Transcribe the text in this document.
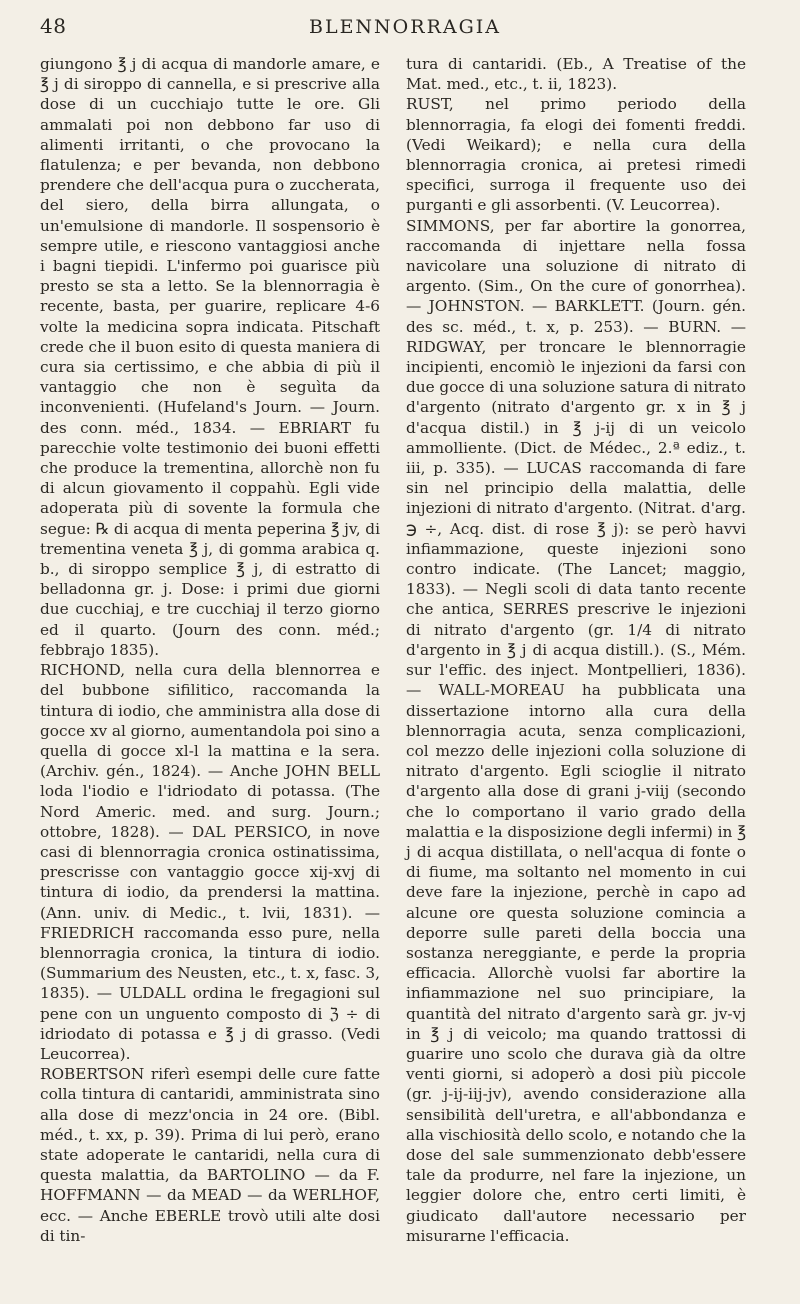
48	BLENNORRAGIA

giungono ℥ j di acqua di mandorle amare, e ℥ j di siroppo di cannella, e si prescrive alla dose di un cucchiajo tutte le ore. Gli ammalati poi non debbono far uso di alimenti irritanti, o che provocano la flatulenza; e per bevanda, non debbono prendere che dell'acqua pura o zuccherata, del siero, della birra allungata, o un'emulsione di mandorle. Il sospensorio è sempre utile, e riescono vantaggiosi anche i bagni tiepidi. L'infermo poi guarisce più presto se sta a letto. Se la blennorragia è recente, basta, per guarire, replicare 4-6 volte la medicina sopra indicata. Pitschaft crede che il buon esito di questa maniera di cura sia certissimo, e che abbia di più il vantaggio che non è seguìta da inconvenienti. (Hufeland's Journ. — Journ. des conn. méd., 1834. — EBRIART fu parecchie volte testimonio dei buoni effetti che produce la trementina, allorchè non fu di alcun giovamento il coppahù. Egli vide adoperata più di sovente la formula che segue: ℞ di acqua di menta peperina ℥ jv, di trementina veneta ℥ j, di gomma arabica q. b., di siroppo semplice ℥ j, di estratto di belladonna gr. j. Dose: i primi due giorni due cucchiaj, e tre cucchiaj il terzo giorno ed il quarto. (Journ des conn. méd.; febbrajo 1835).

RICHOND, nella cura della blennorrea e del bubbone sifilitico, raccomanda la tintura di iodio, che amministra alla dose di gocce xv al giorno, aumentandola poi sino a quella di gocce xl-l la mattina e la sera. (Archiv. gén., 1824). — Anche JOHN BELL loda l'iodio e l'idriodato di potassa. (The Nord Americ. med. and surg. Journ.; ottobre, 1828). — DAL PERSICO, in nove casi di blennorragia cronica ostinatissima, prescrisse con vantaggio gocce xij-xvj di tintura di iodio, da prendersi la mattina. (Ann. univ. di Medic., t. lvii, 1831). — FRIEDRICH raccomanda esso pure, nella blennorragia cronica, la tintura di iodio. (Summarium des Neusten, etc., t. x, fasc. 3, 1835). — ULDALL ordina le fregagioni sul pene con un unguento composto di ℨ ÷ di idriodato di potassa e ℥ j di grasso. (Vedi Leucorrea).

ROBERTSON riferì esempi delle cure fatte colla tintura di cantaridi, amministrata sino alla dose di mezz'oncia in 24 ore. (Bibl. méd., t. xx, p. 39). Prima di lui però, erano state adoperate le cantaridi, nella cura di questa malattia, da BARTOLINO — da F. HOFFMANN — da MEAD — da WERLHOF, ecc. — Anche EBERLE trovò utili alte dosi di tin-

tura di cantaridi. (Eb., A Treatise of the Mat. med., etc., t. ii, 1823).

RUST, nel primo periodo della blennorragia, fa elogi dei fomenti freddi. (Vedi Weikard); e nella cura della blennorragia cronica, ai pretesi rimedi specifici, surroga il frequente uso dei purganti e gli assorbenti. (V. Leucorrea).

SIMMONS, per far abortire la gonorrea, raccomanda di injettare nella fossa navicolare una soluzione di nitrato di argento. (Sim., On the cure of gonorrhea). — JOHNSTON. — BARKLETT. (Journ. gén. des sc. méd., t. x, p. 253). — BURN. — RIDGWAY, per troncare le blennorragie incipienti, encomiò le injezioni da farsi con due gocce di una soluzione satura di nitrato d'argento (nitrato d'argento gr. x in ℥ j d'acqua distil.) in ℥ j-ij di un veicolo ammolliente. (Dict. de Médec., 2.ª ediz., t. iii, p. 335). — LUCAS raccomanda di fare sin nel principio della malattia, delle injezioni di nitrato d'argento. (Nitrat. d'arg. ℈ ÷, Acq. dist. di rose ℥ j): se però havvi infiammazione, queste injezioni sono contro indicate. (The Lancet; maggio, 1833). — Negli scoli di data tanto recente che antica, SERRES prescrive le injezioni di nitrato d'argento (gr. 1/4 di nitrato d'argento in ℥ j di acqua distill.). (S., Mém. sur l'effic. des inject. Montpellieri, 1836). — WALL-MOREAU ha pubblicata una dissertazione intorno alla cura della blennorragia acuta, senza complicazioni, col mezzo delle injezioni colla soluzione di nitrato d'argento. Egli scioglie il nitrato d'argento alla dose di grani j-viij (secondo che lo comportano il vario grado della malattia e la disposizione degli infermi) in ℥ j di acqua distillata, o nell'acqua di fonte o di fiume, ma soltanto nel momento in cui deve fare la injezione, perchè in capo ad alcune ore questa soluzione comincia a deporre sulle pareti della boccia una sostanza nereggiante, e perde la propria efficacia. Allorchè vuolsi far abortire la infiammazione nel suo principiare, la quantità del nitrato d'argento sarà gr. jv-vj in ℥ j di veicolo; ma quando trattossi di guarire uno scolo che durava già da oltre venti giorni, si adoperò a dosi più piccole (gr. j-ij-iij-jv), avendo considerazione alla sensibilità dell'uretra, e all'abbondanza e alla vischiosità dello scolo, e notando che la dose del sale summenzionato debb'essere tale da produrre, nel fare la injezione, un leggier dolore che, entro certi limiti, è giudicato dall'autore necessario per misurarne l'efficacia.
